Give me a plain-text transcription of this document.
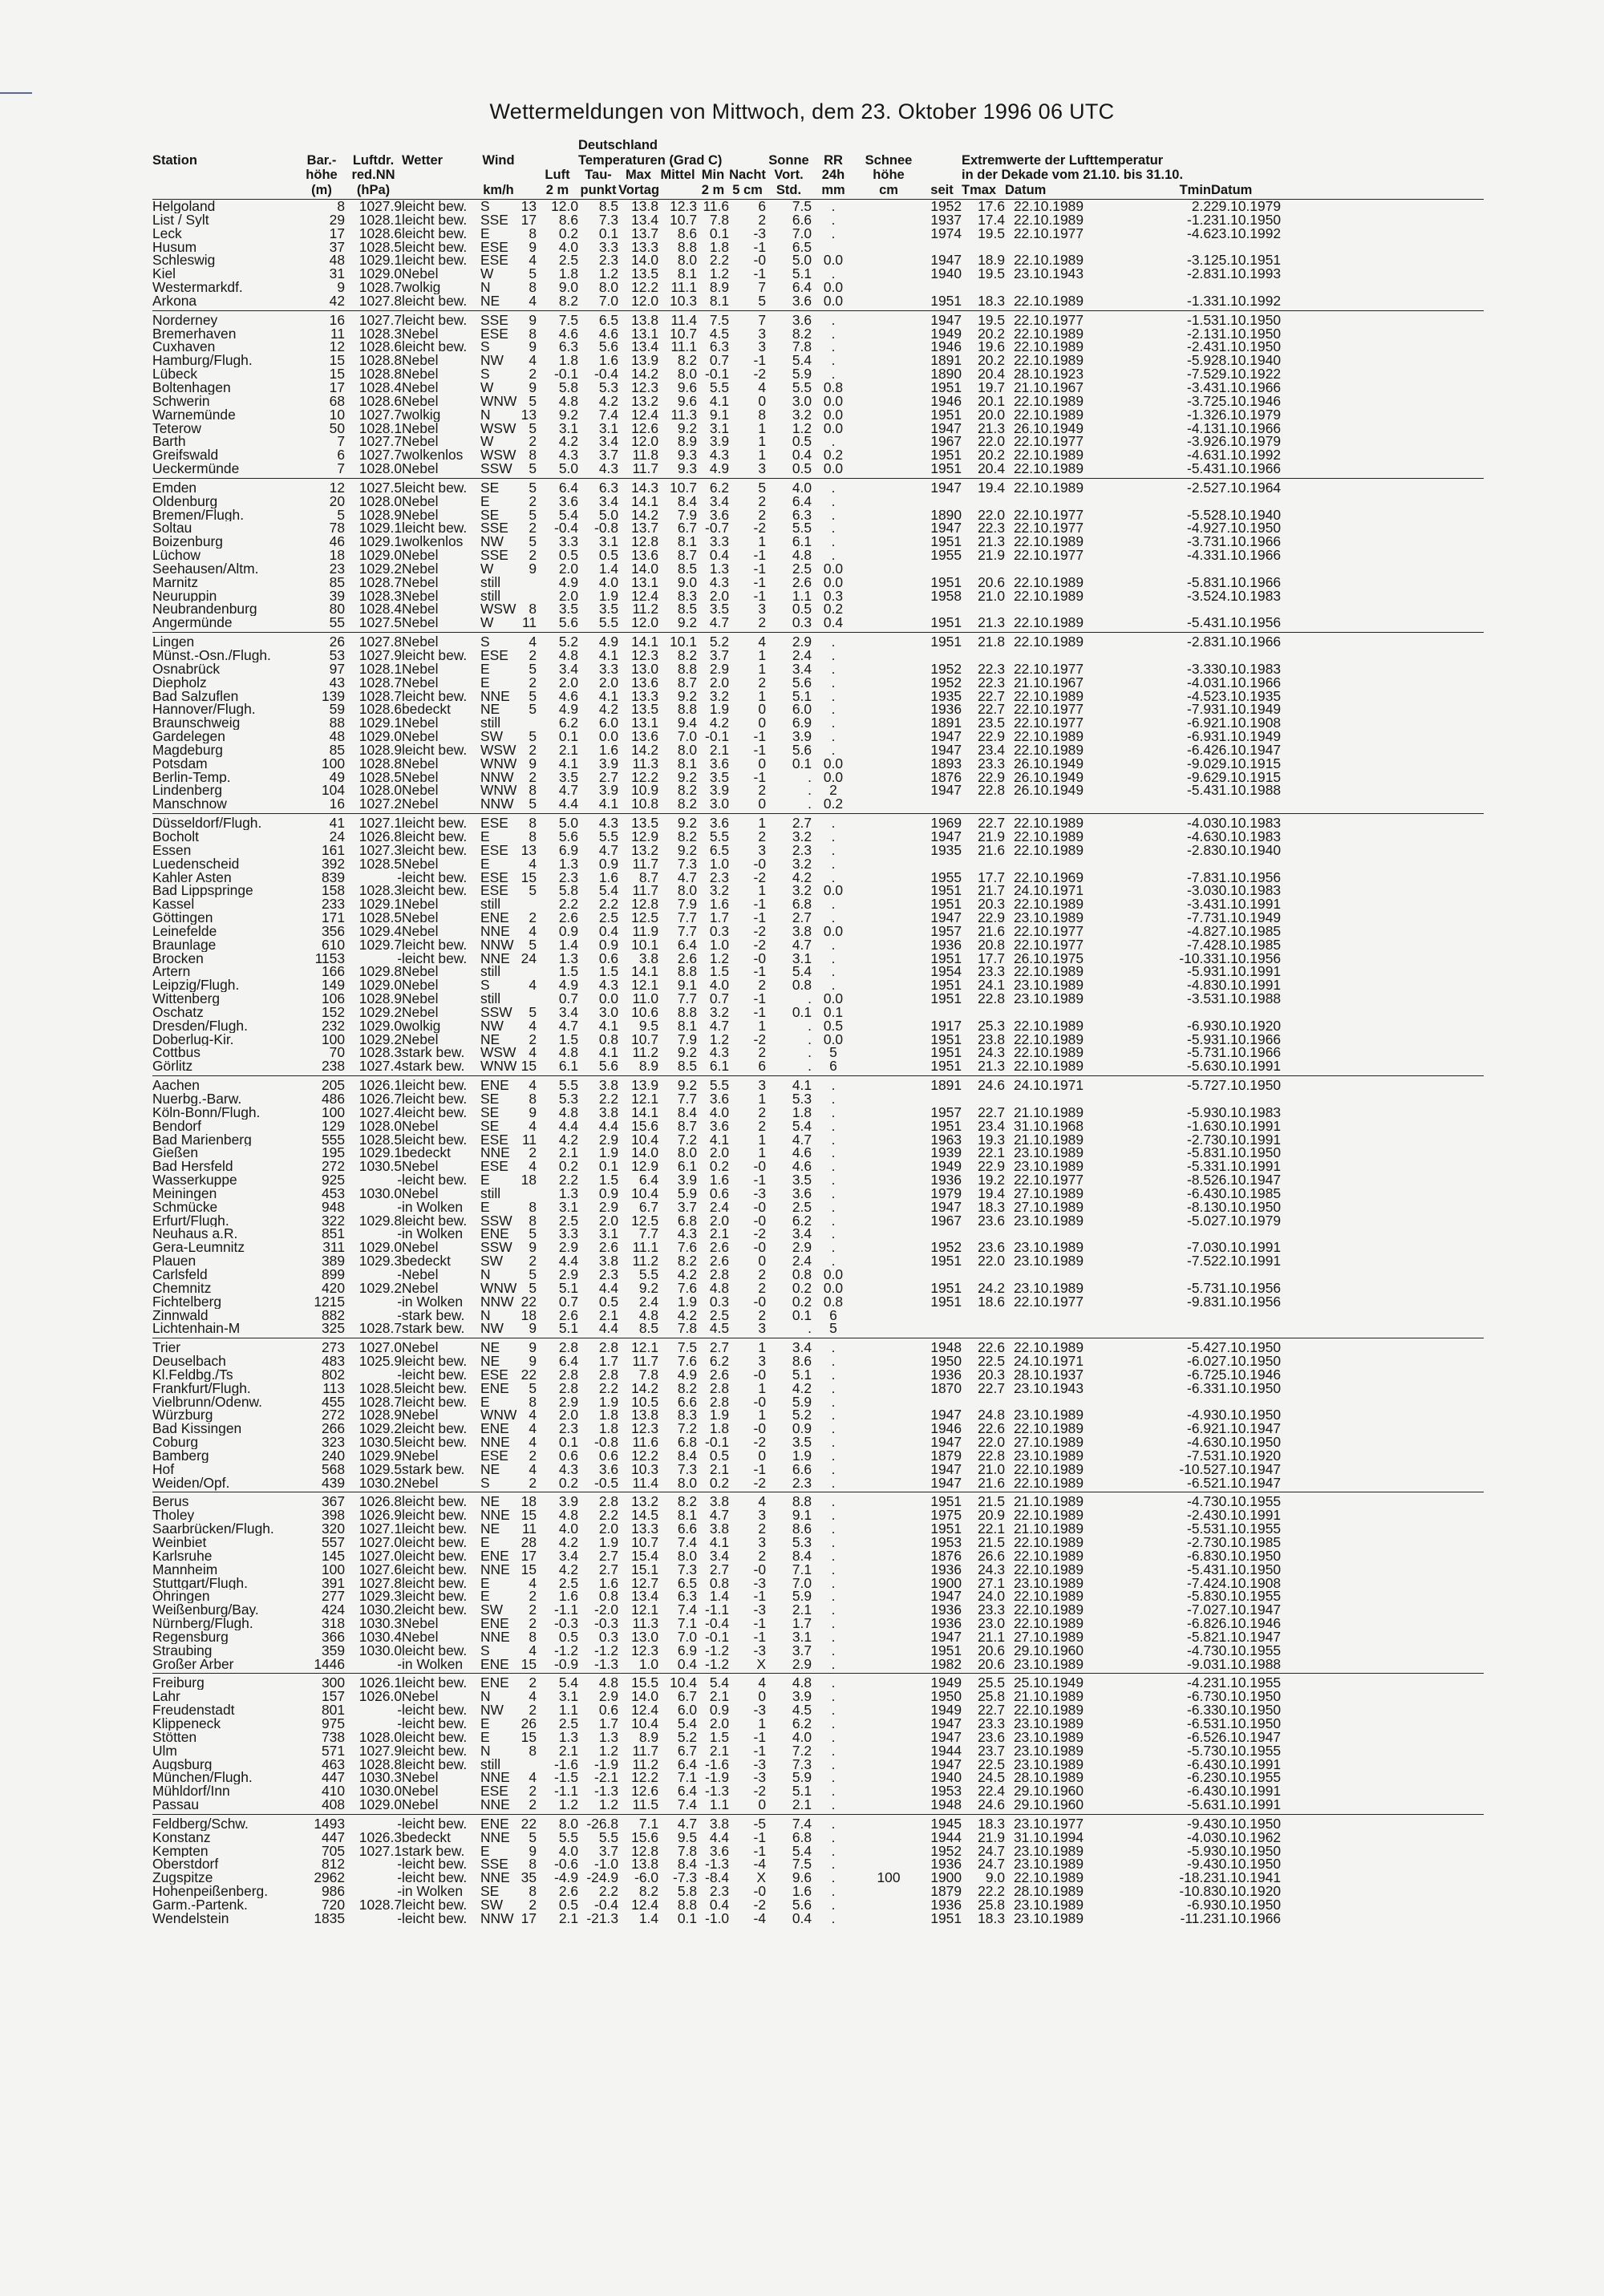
Wettermeldungen von Mittwoch, dem 23. Oktober 1996 06 UTC
							Deutschland													
Station	Bar.-	Luftdr.	Wetter	Wind			Temperaturen (Grad C)					Sonne	RR	Schnee		Extremwerte der Lufttemperatur				
	höhe	red.NN				Luft	Tau-	Max	Mittel	Min	Nacht	Vort.	24h	höhe		in der Dekade vom 21.10. bis 31.10.				
	(m)	(hPa)		km/h		2 m	punkt	Vortag		2 m	5 cm	Std.	mm	cm	seit	Tmax	Datum		Tmin	Datum
Helgoland	8	1027.9	leicht bew.	S	13	12.0	8.5	13.8	12.3	11.6	6	7.5	.		1952	17.6	22.10.1989		2.2	29.10.1979
List / Sylt	29	1028.1	leicht bew.	SSE	17	8.6	7.3	13.4	10.7	7.8	2	6.6	.		1937	17.4	22.10.1989		-1.2	31.10.1950
Leck	17	1028.6	leicht bew.	E	8	0.2	0.1	13.7	8.6	0.1	-3	7.0	.		1974	19.5	22.10.1977		-4.6	23.10.1992
Husum	37	1028.5	leicht bew.	ESE	9	4.0	3.3	13.3	8.8	1.8	-1	6.5								
Schleswig	48	1029.1	leicht bew.	ESE	4	2.5	2.3	14.0	8.0	2.2	-0	5.0	0.0		1947	18.9	22.10.1989		-3.1	25.10.1951
Kiel	31	1029.0	Nebel	W	5	1.8	1.2	13.5	8.1	1.2	-1	5.1	.		1940	19.5	23.10.1943		-2.8	31.10.1993
Westermarkdf.	9	1028.7	wolkig	N	8	9.0	8.0	12.2	11.1	8.9	7	6.4	0.0							
Arkona	42	1027.8	leicht bew.	NE	4	8.2	7.0	12.0	10.3	8.1	5	3.6	0.0		1951	18.3	22.10.1989		-1.3	31.10.1992
Norderney	16	1027.7	leicht bew.	SSE	9	7.5	6.5	13.8	11.4	7.5	7	3.6	.		1947	19.5	22.10.1977		-1.5	31.10.1950
Bremerhaven	11	1028.3	Nebel	ESE	8	4.6	4.6	13.1	10.7	4.5	3	8.2	.		1949	20.2	22.10.1989		-2.1	31.10.1950
Cuxhaven	12	1028.6	leicht bew.	S	9	6.3	5.6	13.4	11.1	6.3	3	7.8	.		1946	19.6	22.10.1989		-2.4	31.10.1950
Hamburg/Flugh.	15	1028.8	Nebel	NW	4	1.8	1.6	13.9	8.2	0.7	-1	5.4	.		1891	20.2	22.10.1989		-5.9	28.10.1940
Lübeck	15	1028.8	Nebel	S	2	-0.1	-0.4	14.2	8.0	-0.1	-2	5.9	.		1890	20.4	28.10.1923		-7.5	29.10.1922
Boltenhagen	17	1028.4	Nebel	W	9	5.8	5.3	12.3	9.6	5.5	4	5.5	0.8		1951	19.7	21.10.1967		-3.4	31.10.1966
Schwerin	68	1028.6	Nebel	WNW	5	4.8	4.2	13.2	9.6	4.1	0	3.0	0.0		1946	20.1	22.10.1989		-3.7	25.10.1946
Warnemünde	10	1027.7	wolkig	N	13	9.2	7.4	12.4	11.3	9.1	8	3.2	0.0		1951	20.0	22.10.1989		-1.3	26.10.1979
Teterow	50	1028.1	Nebel	WSW	5	3.1	3.1	12.6	9.2	3.1	1	1.2	0.0		1947	21.3	26.10.1949		-4.1	31.10.1966
Barth	7	1027.7	Nebel	W	2	4.2	3.4	12.0	8.9	3.9	1	0.5	.		1967	22.0	22.10.1977		-3.9	26.10.1979
Greifswald	6	1027.7	wolkenlos	WSW	8	4.3	3.7	11.8	9.3	4.3	1	0.4	0.2		1951	20.2	22.10.1989		-4.6	31.10.1992
Ueckermünde	7	1028.0	Nebel	SSW	5	5.0	4.3	11.7	9.3	4.9	3	0.5	0.0		1951	20.4	22.10.1989		-5.4	31.10.1966
Emden	12	1027.5	leicht bew.	SE	5	6.4	6.3	14.3	10.7	6.2	5	4.0	.		1947	19.4	22.10.1989		-2.5	27.10.1964
Oldenburg	20	1028.0	Nebel	E	2	3.6	3.4	14.1	8.4	3.4	2	6.4	.							
Bremen/Flugh.	5	1028.9	Nebel	SE	5	5.4	5.0	14.2	7.9	3.6	2	6.3	.		1890	22.0	22.10.1977		-5.5	28.10.1940
Soltau	78	1029.1	leicht bew.	SSE	2	-0.4	-0.8	13.7	6.7	-0.7	-2	5.5	.		1947	22.3	22.10.1977		-4.9	27.10.1950
Boizenburg	46	1029.1	wolkenlos	NW	5	3.3	3.1	12.8	8.1	3.3	1	6.1	.		1951	21.3	22.10.1989		-3.7	31.10.1966
Lüchow	18	1029.0	Nebel	SSE	2	0.5	0.5	13.6	8.7	0.4	-1	4.8	.		1955	21.9	22.10.1977		-4.3	31.10.1966
Seehausen/Altm.	23	1029.2	Nebel	W	9	2.0	1.4	14.0	8.5	1.3	-1	2.5	0.0							
Marnitz	85	1028.7	Nebel	still		4.9	4.0	13.1	9.0	4.3	-1	2.6	0.0		1951	20.6	22.10.1989		-5.8	31.10.1966
Neuruppin	39	1028.3	Nebel	still		2.0	1.9	12.4	8.3	2.0	-1	1.1	0.3		1958	21.0	22.10.1989		-3.5	24.10.1983
Neubrandenburg	80	1028.4	Nebel	WSW	8	3.5	3.5	11.2	8.5	3.5	3	0.5	0.2							
Angermünde	55	1027.5	Nebel	W	11	5.6	5.5	12.0	9.2	4.7	2	0.3	0.4		1951	21.3	22.10.1989		-5.4	31.10.1956
Lingen	26	1027.8	Nebel	S	4	5.2	4.9	14.1	10.1	5.2	4	2.9	.		1951	21.8	22.10.1989		-2.8	31.10.1966
Münst.-Osn./Flugh.	53	1027.9	leicht bew.	ESE	2	4.8	4.1	12.3	8.2	3.7	1	2.4	.							
Osnabrück	97	1028.1	Nebel	E	5	3.4	3.3	13.0	8.8	2.9	1	3.4	.		1952	22.3	22.10.1977		-3.3	30.10.1983
Diepholz	43	1028.7	Nebel	E	2	2.0	2.0	13.6	8.7	2.0	2	5.6	.		1952	22.3	21.10.1967		-4.0	31.10.1966
Bad Salzuflen	139	1028.7	leicht bew.	NNE	5	4.6	4.1	13.3	9.2	3.2	1	5.1	.		1935	22.7	22.10.1989		-4.5	23.10.1935
Hannover/Flugh.	59	1028.6	bedeckt	NE	5	4.9	4.2	13.5	8.8	1.9	0	6.0	.		1936	22.7	22.10.1977		-7.9	31.10.1949
Braunschweig	88	1029.1	Nebel	still		6.2	6.0	13.1	9.4	4.2	0	6.9	.		1891	23.5	22.10.1977		-6.9	21.10.1908
Gardelegen	48	1029.0	Nebel	SW	5	0.1	0.0	13.6	7.0	-0.1	-1	3.9	.		1947	22.9	22.10.1989		-6.9	31.10.1949
Magdeburg	85	1028.9	leicht bew.	WSW	2	2.1	1.6	14.2	8.0	2.1	-1	5.6	.		1947	23.4	22.10.1989		-6.4	26.10.1947
Potsdam	100	1028.8	Nebel	WNW	9	4.1	3.9	11.3	8.1	3.6	0	0.1	0.0		1893	23.3	26.10.1949		-9.0	29.10.1915
Berlin-Temp.	49	1028.5	Nebel	NNW	2	3.5	2.7	12.2	9.2	3.5	-1	.	0.0		1876	22.9	26.10.1949		-9.6	29.10.1915
Lindenberg	104	1028.0	Nebel	WNW	8	4.7	3.9	10.9	8.2	3.9	2	.	2		1947	22.8	26.10.1949		-5.4	31.10.1988
Manschnow	16	1027.2	Nebel	NNW	5	4.4	4.1	10.8	8.2	3.0	0	.	0.2							
Düsseldorf/Flugh.	41	1027.1	leicht bew.	ESE	8	5.0	4.3	13.5	9.2	3.6	1	2.7	.		1969	22.7	22.10.1989		-4.0	30.10.1983
Bocholt	24	1026.8	leicht bew.	E	8	5.6	5.5	12.9	8.2	5.5	2	3.2	.		1947	21.9	22.10.1989		-4.6	30.10.1983
Essen	161	1027.3	leicht bew.	ESE	13	6.9	4.7	13.2	9.2	6.5	3	2.3	.		1935	21.6	22.10.1989		-2.8	30.10.1940
Luedenscheid	392	1028.5	Nebel	E	4	1.3	0.9	11.7	7.3	1.0	-0	3.2	.							
Kahler Asten	839	-	leicht bew.	ESE	15	2.3	1.6	8.7	4.7	2.3	-2	4.2	.		1955	17.7	22.10.1969		-7.8	31.10.1956
Bad Lippspringe	158	1028.3	leicht bew.	ESE	5	5.8	5.4	11.7	8.0	3.2	1	3.2	0.0		1951	21.7	24.10.1971		-3.0	30.10.1983
Kassel	233	1029.1	Nebel	still		2.2	2.2	12.8	7.9	1.6	-1	6.8	.		1951	20.3	22.10.1989		-3.4	31.10.1991
Göttingen	171	1028.5	Nebel	ENE	2	2.6	2.5	12.5	7.7	1.7	-1	2.7	.		1947	22.9	23.10.1989		-7.7	31.10.1949
Leinefelde	356	1029.4	Nebel	NNE	4	0.9	0.4	11.9	7.7	0.3	-2	3.8	0.0		1957	21.6	22.10.1977		-4.8	27.10.1985
Braunlage	610	1029.7	leicht bew.	NNW	5	1.4	0.9	10.1	6.4	1.0	-2	4.7	.		1936	20.8	22.10.1977		-7.4	28.10.1985
Brocken	1153	-	leicht bew.	NNE	24	1.3	0.6	3.8	2.6	1.2	-0	3.1	.		1951	17.7	26.10.1975		-10.3	31.10.1956
Artern	166	1029.8	Nebel	still		1.5	1.5	14.1	8.8	1.5	-1	5.4	.		1954	23.3	22.10.1989		-5.9	31.10.1991
Leipzig/Flugh.	149	1029.0	Nebel	S	4	4.9	4.3	12.1	9.1	4.0	2	0.8	.		1951	24.1	23.10.1989		-4.8	30.10.1991
Wittenberg	106	1028.9	Nebel	still		0.7	0.0	11.0	7.7	0.7	-1	.	0.0		1951	22.8	23.10.1989		-3.5	31.10.1988
Oschatz	152	1029.2	Nebel	SSW	5	3.4	3.0	10.6	8.8	3.2	-1	0.1	0.1							
Dresden/Flugh.	232	1029.0	wolkig	NW	4	4.7	4.1	9.5	8.1	4.7	1	.	0.5		1917	25.3	22.10.1989		-6.9	30.10.1920
Doberlug-Kir.	100	1029.2	Nebel	NE	2	1.5	0.8	10.7	7.9	1.2	-2	.	0.0		1951	23.8	22.10.1989		-5.9	31.10.1966
Cottbus	70	1028.3	stark bew.	WSW	4	4.8	4.1	11.2	9.2	4.3	2	.	5		1951	24.3	22.10.1989		-5.7	31.10.1966
Görlitz	238	1027.4	stark bew.	WNW	15	6.1	5.6	8.9	8.5	6.1	6	.	6		1951	21.3	22.10.1989		-5.6	30.10.1991
Aachen	205	1026.1	leicht bew.	ENE	4	5.5	3.8	13.9	9.2	5.5	3	4.1	.		1891	24.6	24.10.1971		-5.7	27.10.1950
Nuerbg.-Barw.	486	1026.7	leicht bew.	SE	8	5.3	2.2	12.1	7.7	3.6	1	5.3	.							
Köln-Bonn/Flugh.	100	1027.4	leicht bew.	SE	9	4.8	3.8	14.1	8.4	4.0	2	1.8	.		1957	22.7	21.10.1989		-5.9	30.10.1983
Bendorf	129	1028.0	Nebel	SE	4	4.4	4.4	15.6	8.7	3.6	2	5.4	.		1951	23.4	31.10.1968		-1.6	30.10.1991
Bad Marienberg	555	1028.5	leicht bew.	ESE	11	4.2	2.9	10.4	7.2	4.1	1	4.7	.		1963	19.3	21.10.1989		-2.7	30.10.1991
Gießen	195	1029.1	bedeckt	NNE	2	2.1	1.9	14.0	8.0	2.0	1	4.6	.		1939	22.1	23.10.1989		-5.8	31.10.1950
Bad Hersfeld	272	1030.5	Nebel	ESE	4	0.2	0.1	12.9	6.1	0.2	-0	4.6	.		1949	22.9	23.10.1989		-5.3	31.10.1991
Wasserkuppe	925	-	leicht bew.	E	18	2.2	1.5	6.4	3.9	1.6	-1	3.5	.		1936	19.2	22.10.1977		-8.5	26.10.1947
Meiningen	453	1030.0	Nebel	still		1.3	0.9	10.4	5.9	0.6	-3	3.6	.		1979	19.4	27.10.1989		-6.4	30.10.1985
Schmücke	948	-	in Wolken	E	8	3.1	2.9	6.7	3.7	2.4	-0	2.5	.		1947	18.3	27.10.1989		-8.1	30.10.1950
Erfurt/Flugh.	322	1029.8	leicht bew.	SSW	8	2.5	2.0	12.5	6.8	2.0	-0	6.2	.		1967	23.6	23.10.1989		-5.0	27.10.1979
Neuhaus a.R.	851	-	in Wolken	ENE	5	3.3	3.1	7.7	4.3	2.1	-2	3.4	.							
Gera-Leumnitz	311	1029.0	Nebel	SSW	9	2.9	2.6	11.1	7.6	2.6	-0	2.9	.		1952	23.6	23.10.1989		-7.0	30.10.1991
Plauen	389	1029.3	bedeckt	SW	2	4.4	3.8	11.2	8.2	2.6	0	2.4	.		1951	22.0	23.10.1989		-7.5	22.10.1991
Carlsfeld	899	-	Nebel	N	5	2.9	2.3	5.5	4.2	2.8	2	0.8	0.0							
Chemnitz	420	1029.2	Nebel	WNW	5	5.1	4.4	9.2	7.6	4.8	2	0.2	0.0		1951	24.2	23.10.1989		-5.7	31.10.1956
Fichtelberg	1215	-	in Wolken	NNW	22	0.7	0.5	2.4	1.9	0.3	-0	0.2	0.8		1951	18.6	22.10.1977		-9.8	31.10.1956
Zinnwald	882	-	stark bew.	N	18	2.6	2.1	4.8	4.2	2.5	2	0.1	6							
Lichtenhain-M	325	1028.7	stark bew.	NW	9	5.1	4.4	8.5	7.8	4.5	3	.	5							
Trier	273	1027.0	Nebel	NE	9	2.8	2.8	12.1	7.5	2.7	1	3.4	.		1948	22.6	22.10.1989		-5.4	27.10.1950
Deuselbach	483	1025.9	leicht bew.	NE	9	6.4	1.7	11.7	7.6	6.2	3	8.6	.		1950	22.5	24.10.1971		-6.0	27.10.1950
Kl.Feldbg./Ts	802	-	leicht bew.	ESE	22	2.8	2.8	7.8	4.9	2.6	-0	5.1	.		1936	20.3	28.10.1937		-6.7	25.10.1946
Frankfurt/Flugh.	113	1028.5	leicht bew.	ENE	5	2.8	2.2	14.2	8.2	2.8	1	4.2	.		1870	22.7	23.10.1943		-6.3	31.10.1950
Vielbrunn/Odenw.	455	1028.7	leicht bew.	E	8	2.9	1.9	10.5	6.6	2.8	-0	5.9	.							
Würzburg	272	1028.9	Nebel	WNW	4	2.0	1.8	13.8	8.3	1.9	1	5.2	.		1947	24.8	23.10.1989		-4.9	30.10.1950
Bad Kissingen	266	1029.2	leicht bew.	ENE	4	2.3	1.8	12.3	7.2	1.8	-0	0.9	.		1946	22.6	22.10.1989		-6.9	21.10.1947
Coburg	323	1030.5	leicht bew.	NNE	4	0.1	-0.8	11.6	6.8	-0.1	-2	3.5	.		1947	22.0	27.10.1989		-4.6	30.10.1950
Bamberg	240	1029.9	Nebel	ESE	2	0.6	0.6	12.2	8.4	0.5	0	1.9	.		1879	22.8	23.10.1989		-7.5	31.10.1920
Hof	568	1029.5	stark bew.	NE	4	4.3	3.6	10.3	7.3	2.1	-1	6.6	.		1947	21.0	22.10.1989		-10.5	27.10.1947
Weiden/Opf.	439	1030.2	Nebel	S	2	0.2	-0.5	11.4	8.0	0.2	-2	2.3	.		1947	21.6	22.10.1989		-6.5	21.10.1947
Berus	367	1026.8	leicht bew.	NE	18	3.9	2.8	13.2	8.2	3.8	4	8.8	.		1951	21.5	21.10.1989		-4.7	30.10.1955
Tholey	398	1026.9	leicht bew.	NNE	15	4.8	2.2	14.5	8.1	4.7	3	9.1	.		1975	20.9	22.10.1989		-2.4	30.10.1991
Saarbrücken/Flugh.	320	1027.1	leicht bew.	NE	11	4.0	2.0	13.3	6.6	3.8	2	8.6	.		1951	22.1	21.10.1989		-5.5	31.10.1955
Weinbiet	557	1027.0	leicht bew.	E	28	4.2	1.9	10.7	7.4	4.1	3	5.3	.		1953	21.5	22.10.1989		-2.7	30.10.1985
Karlsruhe	145	1027.0	leicht bew.	ENE	17	3.4	2.7	15.4	8.0	3.4	2	8.4	.		1876	26.6	22.10.1989		-6.8	30.10.1950
Mannheim	100	1027.6	leicht bew.	NNE	15	4.2	2.7	15.1	7.3	2.7	-0	7.1	.		1936	24.3	22.10.1989		-5.4	31.10.1950
Stuttgart/Flugh.	391	1027.8	leicht bew.	E	4	2.5	1.6	12.7	6.5	0.8	-3	7.0	.		1900	27.1	23.10.1989		-7.4	24.10.1908
Öhringen	277	1029.3	leicht bew.	E	2	1.6	0.8	13.4	6.3	1.4	-1	5.9	.		1947	24.0	22.10.1989		-5.8	30.10.1955
Weißenburg/Bay.	424	1030.2	leicht bew.	SW	2	-1.1	-2.0	12.1	7.4	-1.1	-3	2.1	.		1936	23.3	22.10.1989		-7.0	27.10.1947
Nürnberg/Flugh.	318	1030.3	Nebel	ENE	2	-0.3	-0.3	11.3	7.1	-0.4	-1	1.7	.		1936	23.0	22.10.1989		-6.8	26.10.1946
Regensburg	366	1030.4	Nebel	NNE	8	0.5	0.3	13.0	7.0	-0.1	-1	3.1	.		1947	21.1	27.10.1989		-5.8	21.10.1947
Straubing	359	1030.0	leicht bew.	S	4	-1.2	-1.2	12.3	6.9	-1.2	-3	3.7	.		1951	20.6	29.10.1960		-4.7	30.10.1955
Großer Arber	1446	-	in Wolken	ENE	15	-0.9	-1.3	1.0	0.4	-1.2	X	2.9	.		1982	20.6	23.10.1989		-9.0	31.10.1988
Freiburg	300	1026.1	leicht bew.	ENE	2	5.4	4.8	15.5	10.4	5.4	4	4.8	.		1949	25.5	25.10.1949		-4.2	31.10.1955
Lahr	157	1026.0	Nebel	N	4	3.1	2.9	14.0	6.7	2.1	0	3.9	.		1950	25.8	21.10.1989		-6.7	30.10.1950
Freudenstadt	801	-	leicht bew.	NW	2	1.1	0.6	12.4	6.0	0.9	-3	4.5	.		1949	22.7	22.10.1989		-6.3	30.10.1950
Klippeneck	975	-	leicht bew.	E	26	2.5	1.7	10.4	5.4	2.0	1	6.2	.		1947	23.3	23.10.1989		-6.5	31.10.1950
Stötten	738	1028.0	leicht bew.	E	15	1.3	1.3	8.9	5.2	1.5	-1	4.0	.		1947	23.6	23.10.1989		-6.5	26.10.1947
Ulm	571	1027.9	leicht bew.	N	8	2.1	1.2	11.7	6.7	2.1	-1	7.2	.		1944	23.7	23.10.1989		-5.7	30.10.1955
Augsburg	463	1028.8	leicht bew.	still		-1.6	-1.9	11.2	6.4	-1.6	-3	7.3	.		1947	22.5	23.10.1989		-6.4	30.10.1991
München/Flugh.	447	1030.3	Nebel	NNE	4	-1.5	-2.1	12.2	7.1	-1.9	-3	5.9	.		1940	24.5	28.10.1989		-6.2	30.10.1955
Mühldorf/Inn	410	1030.0	Nebel	ESE	2	-1.1	-1.3	12.6	6.4	-1.3	-2	5.1	.		1953	22.4	29.10.1960		-6.4	30.10.1991
Passau	408	1029.0	Nebel	NNE	2	1.2	1.2	11.5	7.4	1.1	0	2.1	.		1948	24.6	29.10.1960		-5.6	31.10.1991
Feldberg/Schw.	1493	-	leicht bew.	ENE	22	8.0	-26.8	7.1	4.7	3.8	-5	7.4	.		1945	18.3	23.10.1977		-9.4	30.10.1950
Konstanz	447	1026.3	bedeckt	NNE	5	5.5	5.5	15.6	9.5	4.4	-1	6.8	.		1944	21.9	31.10.1994		-4.0	30.10.1962
Kempten	705	1027.1	stark bew.	E	9	4.0	3.7	12.8	7.8	3.6	-1	5.4	.		1952	24.7	23.10.1989		-5.9	30.10.1950
Oberstdorf	812	-	leicht bew.	SSE	8	-0.6	-1.0	13.8	8.4	-1.3	-4	7.5	.		1936	24.7	23.10.1989		-9.4	30.10.1950
Zugspitze	2962	-	leicht bew.	NNE	35	-4.9	-24.9	-6.0	-7.3	-8.4	X	9.6	.	100	1900	9.0	22.10.1989		-18.2	31.10.1941
Hohenpeißenberg.	986	-	in Wolken	SE	8	2.6	2.2	8.2	5.8	2.3	-0	1.6	.		1879	22.2	28.10.1989		-10.8	30.10.1920
Garm.-Partenk.	720	1028.7	leicht bew.	SW	2	0.5	-0.4	12.4	8.8	0.4	-2	5.6	.		1936	25.8	23.10.1989		-6.9	30.10.1950
Wendelstein	1835	-	leicht bew.	NNW	17	2.1	-21.3	1.4	0.1	-1.0	-4	0.4	.		1951	18.3	23.10.1989		-11.2	31.10.1966
